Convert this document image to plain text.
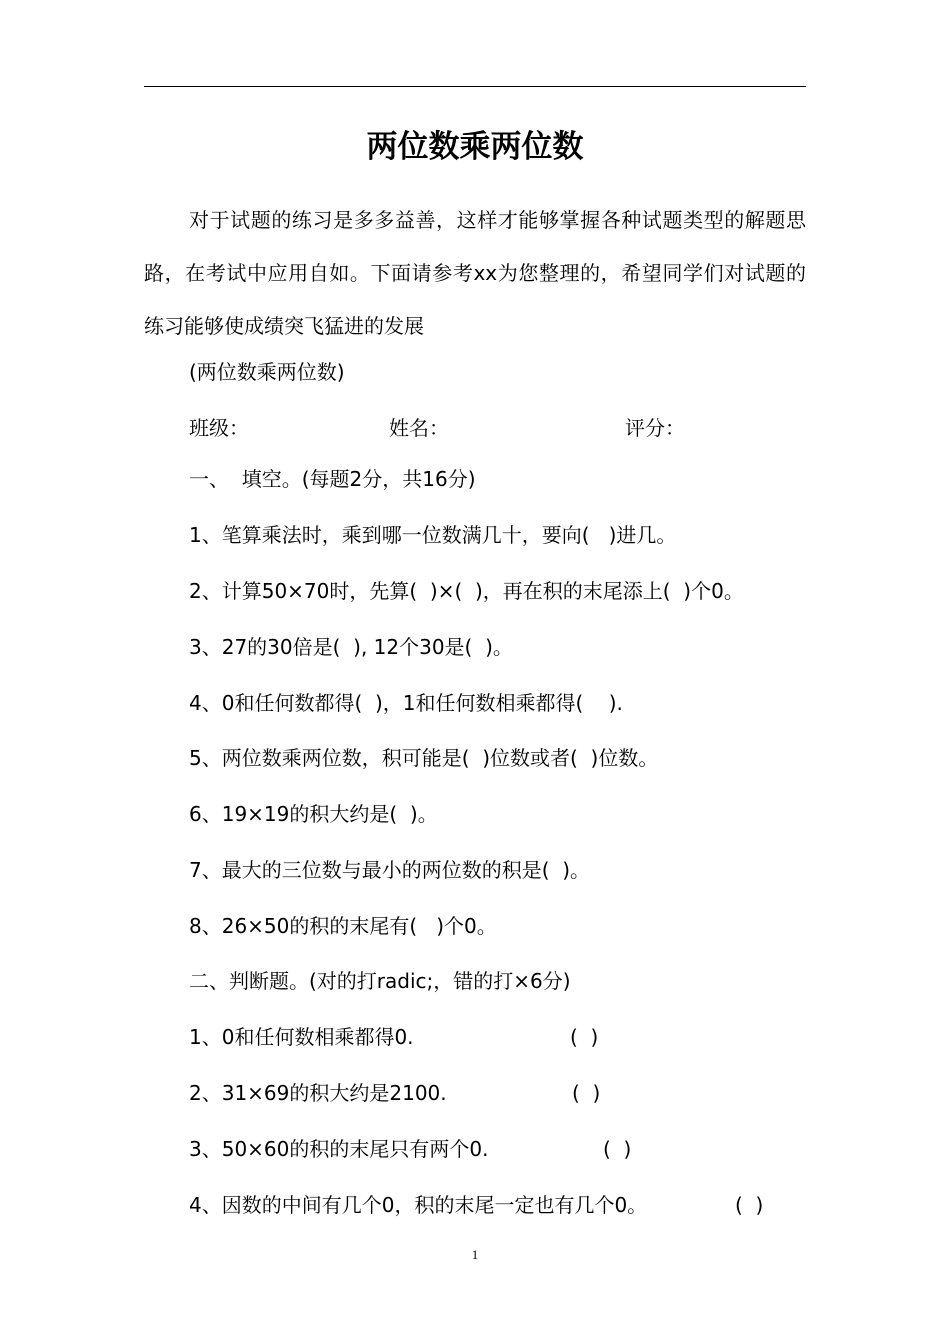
两位数乘两位数
对于试题的练习是多多益善，这样才能够掌握各种试题类型的解题思路，在考试中应用自如。下面请参考xx为您整理的，希望同学们对试题的练习能够使成绩突飞猛进的发展
(两位数乘两位数)
班级：	姓名：	评分：
一、  填空。(每题2分，共16分)
1、笔算乘法时，乘到哪一位数满几十，要向(   )进几。
2、计算50×70时，先算(  )×(  )，再在积的末尾添上(  )个0。
3、27的30倍是(  ), 12个30是(  )。
4、0和任何数都得(  )，1和任何数相乘都得(    ).
5、两位数乘两位数，积可能是(  )位数或者(  )位数。
6、19×19的积大约是(  )。
7、最大的三位数与最小的两位数的积是(  )。
8、26×50的积的末尾有(   )个0。
二、判断题。(对的打radic;，错的打×6分)
1、0和任何数相乘都得0.	(  )
2、31×69的积大约是2100.	(  )
3、50×60的积的末尾只有两个0.	(  )
4、因数的中间有几个0，积的末尾一定也有几个0。	(  )
1
